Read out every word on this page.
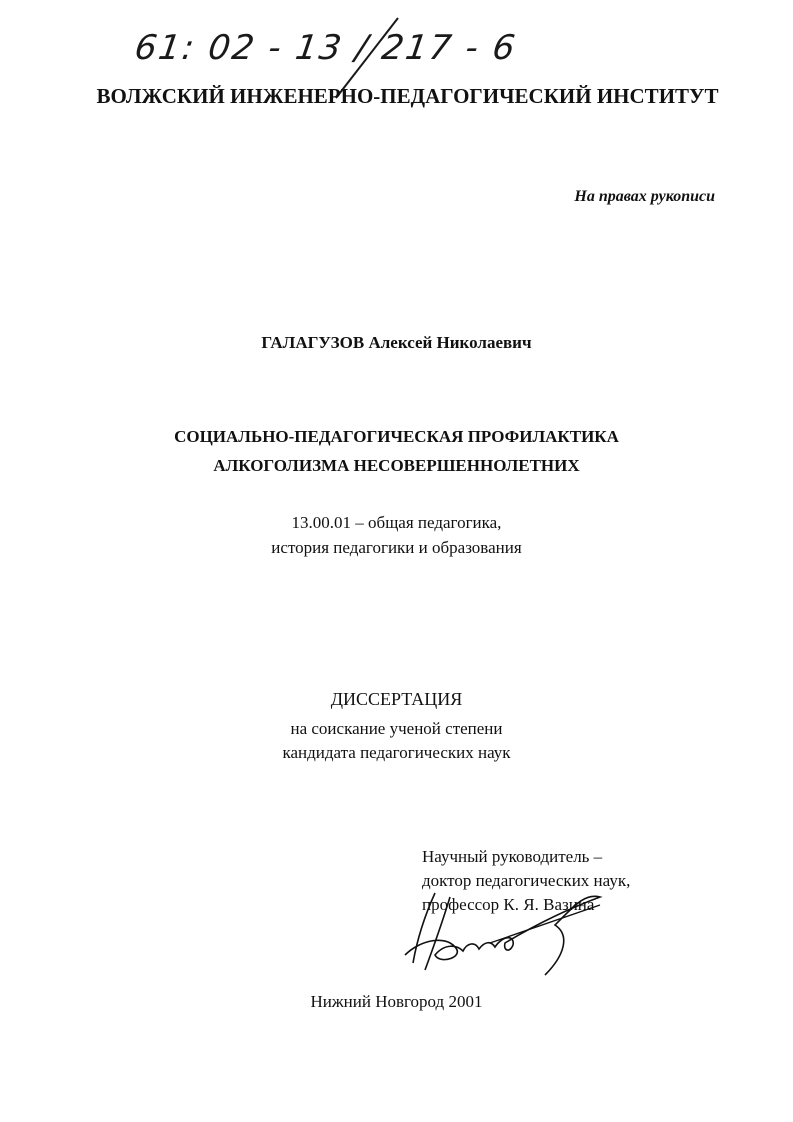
61: 02 - 13 / 217 - 6
ВОЛЖСКИЙ ИНЖЕНЕРНО-ПЕДАГОГИЧЕСКИЙ ИНСТИТУТ
На правах рукописи
ГАЛАГУЗОВ Алексей Николаевич
СОЦИАЛЬНО-ПЕДАГОГИЧЕСКАЯ ПРОФИЛАКТИКА
АЛКОГОЛИЗМА НЕСОВЕРШЕННОЛЕТНИХ
13.00.01 – общая педагогика,
история педагогики и образования
ДИССЕРТАЦИЯ
на соискание ученой степени
кандидата педагогических наук
Научный руководитель –
доктор педагогических наук,
профессор К. Я. Вазина
Нижний Новгород 2001
